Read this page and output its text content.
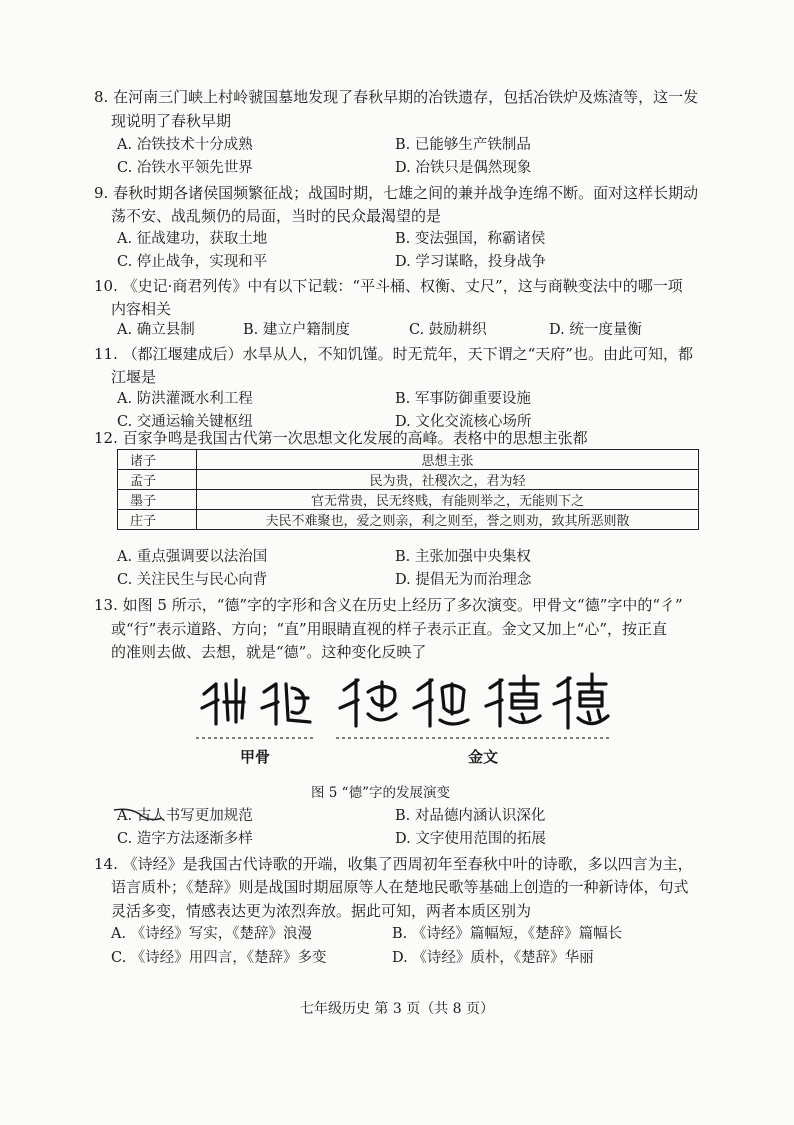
8. 在河南三门峡上村岭虢国墓地发现了春秋早期的冶铁遗存，包括冶铁炉及炼渣等，这一发
现说明了春秋早期
A. 冶铁技术十分成熟	B. 已能够生产铁制品
C. 冶铁水平领先世界	D. 冶铁只是偶然现象
9. 春秋时期各诸侯国频繁征战；战国时期，七雄之间的兼并战争连绵不断。面对这样长期动
荡不安、战乱频仍的局面，当时的民众最渴望的是
A. 征战建功，获取土地	B. 变法强国，称霸诸侯
C. 停止战争，实现和平	D. 学习谋略，投身战争
10. 《史记·商君列传》中有以下记载：“平斗桶、权衡、丈尺”，这与商鞅变法中的哪一项
内容相关
A. 确立县制	B. 建立户籍制度	C. 鼓励耕织	D. 统一度量衡
11. （都江堰建成后）水旱从人，不知饥馑。时无荒年，天下谓之“天府”也。由此可知，都
江堰是
A. 防洪灌溉水利工程	B. 军事防御重要设施
C. 交通运输关键枢纽	D. 文化交流核心场所
12. 百家争鸣是我国古代第一次思想文化发展的高峰。表格中的思想主张都
诸子	思想主张
孟子	民为贵，社稷次之，君为轻
墨子	官无常贵，民无终贱，有能则举之，无能则下之
庄子	夫民不难聚也，爱之则亲，利之则至，誉之则劝，致其所恶则散
A. 重点强调要以法治国	B. 主张加强中央集权
C. 关注民生与民心向背	D. 提倡无为而治理念
13. 如图 5 所示，“德”字的字形和含义在历史上经历了多次演变。甲骨文“德”字中的“彳”
或“行”表示道路、方向；“直”用眼睛直视的样子表示正直。金文又加上“心”，按正直
的准则去做、去想，就是“德”。这种变化反映了
甲骨	金文
图 5 “德”字的发展演变
A. 古人书写更加规范	B. 对品德内涵认识深化
C. 造字方法逐渐多样	D. 文字使用范围的拓展
14. 《诗经》是我国古代诗歌的开端，收集了西周初年至春秋中叶的诗歌，多以四言为主，
语言质朴；《楚辞》则是战国时期屈原等人在楚地民歌等基础上创造的一种新诗体，句式
灵活多变，情感表达更为浓烈奔放。据此可知，两者本质区别为
A. 《诗经》写实，《楚辞》浪漫	B. 《诗经》篇幅短，《楚辞》篇幅长
C. 《诗经》用四言，《楚辞》多变	D. 《诗经》质朴，《楚辞》华丽
七年级历史 第 3 页（共 8 页）
